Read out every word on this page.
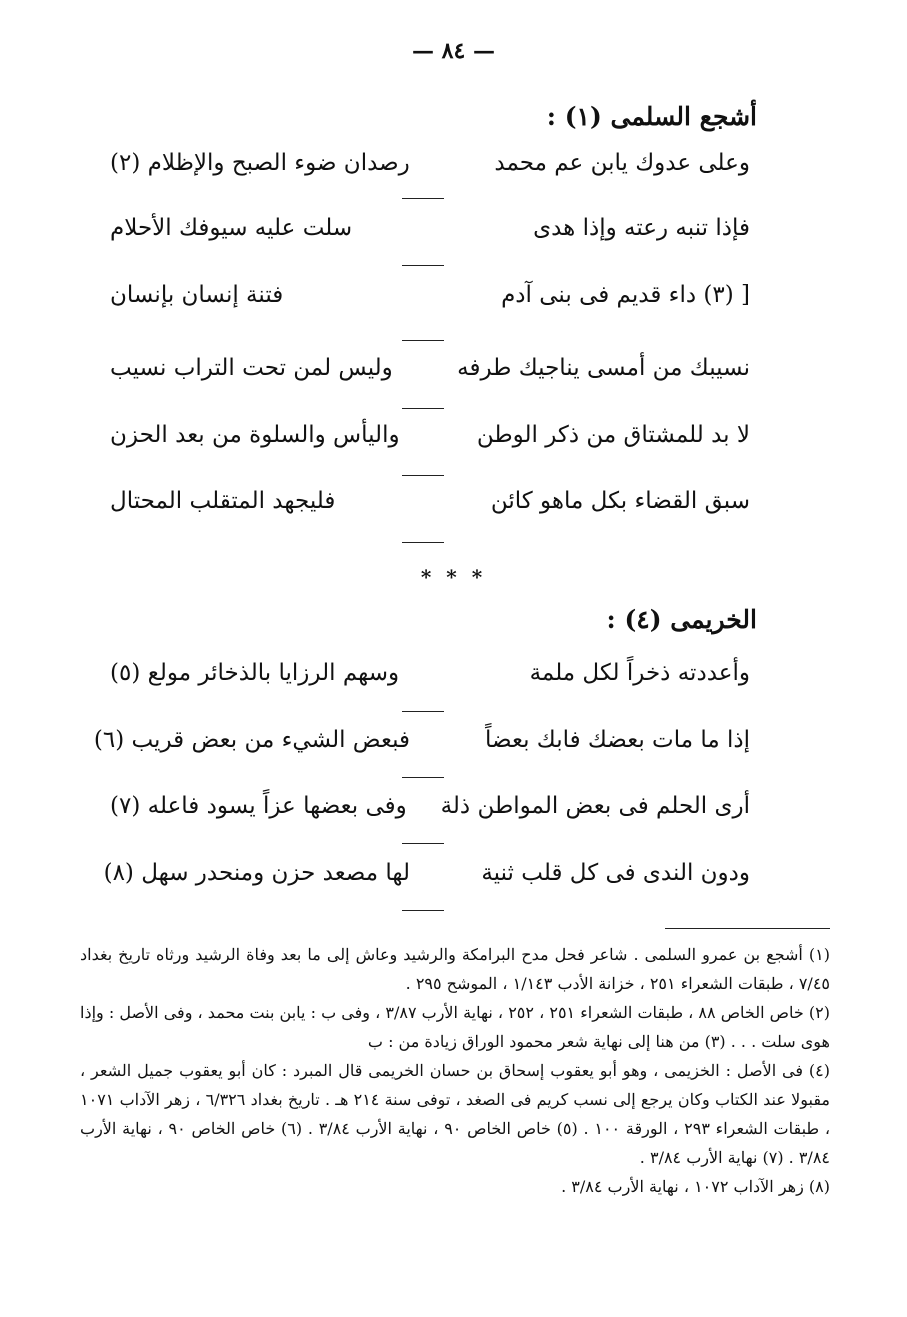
— ٨٤ —
أشجع السلمى (١) :
وعلى عدوك يابن عم محمد
رصدان ضوء الصبح والإظلام (٢)
فإذا تنبه رعته وإذا هدى
سلت عليه سيوفك الأحلام
[ (٣) داء قديم فى بنى آدم
فتنة إنسان بإنسان
نسيبك من أمسى يناجيك طرفه
وليس لمن تحت التراب نسيب
لا بد للمشتاق من ذكر الوطن
واليأس والسلوة من بعد الحزن
سبق القضاء بكل ماهو كائن
فليجهد المتقلب المحتال
* * *
الخريمى (٤) :
وأعددته ذخراً لكل ملمة
وسهم الرزايا بالذخائر مولع (٥)
إذا ما مات بعضك فابك بعضاً
فبعض الشيء من بعض قريب (٦)
أرى الحلم فى بعض المواطن ذلة
وفى بعضها عزاً يسود فاعله (٧)
ودون الندى فى كل قلب ثنية
لها مصعد حزن ومنحدر سهل (٨)

(١) أشجع بن عمرو السلمى . شاعر فحل مدح البرامكة والرشيد وعاش إلى ما بعد وفاة الرشيد ورثاه تاريخ بغداد ٧/٤٥ ، طبقات الشعراء ٢٥١ ، خزانة الأدب ١/١٤٣ ، الموشح ٢٩٥ .

(٢) خاص الخاص ٨٨ ، طبقات الشعراء ٢٥١ ، ٢٥٢ ، نهاية الأرب ٣/٨٧ ، وفى ب : يابن بنت محمد ، وفى الأصل : وإذا هوى سلت . . . (٣) من هنا إلى نهاية شعر محمود الوراق زيادة من : ب

(٤) فى الأصل : الخزيمى ، وهو أبو يعقوب إسحاق بن حسان الخريمى قال المبرد : كان أبو يعقوب جميل الشعر ، مقبولا عند الكتاب وكان يرجع إلى نسب كريم فى الصغد ، توفى سنة ٢١٤ هـ . تاريخ بغداد ٦/٣٢٦ ، زهر الآداب ١٠٧١ ، طبقات الشعراء ٢٩٣ ، الورقة ١٠٠ . (٥) خاص الخاص ٩٠ ، نهاية الأرب ٣/٨٤ . (٦) خاص الخاص ٩٠ ، نهاية الأرب ٣/٨٤ . (٧) نهاية الأرب ٣/٨٤ .

(٨) زهر الآداب ١٠٧٢ ، نهاية الأرب ٣/٨٤ .
